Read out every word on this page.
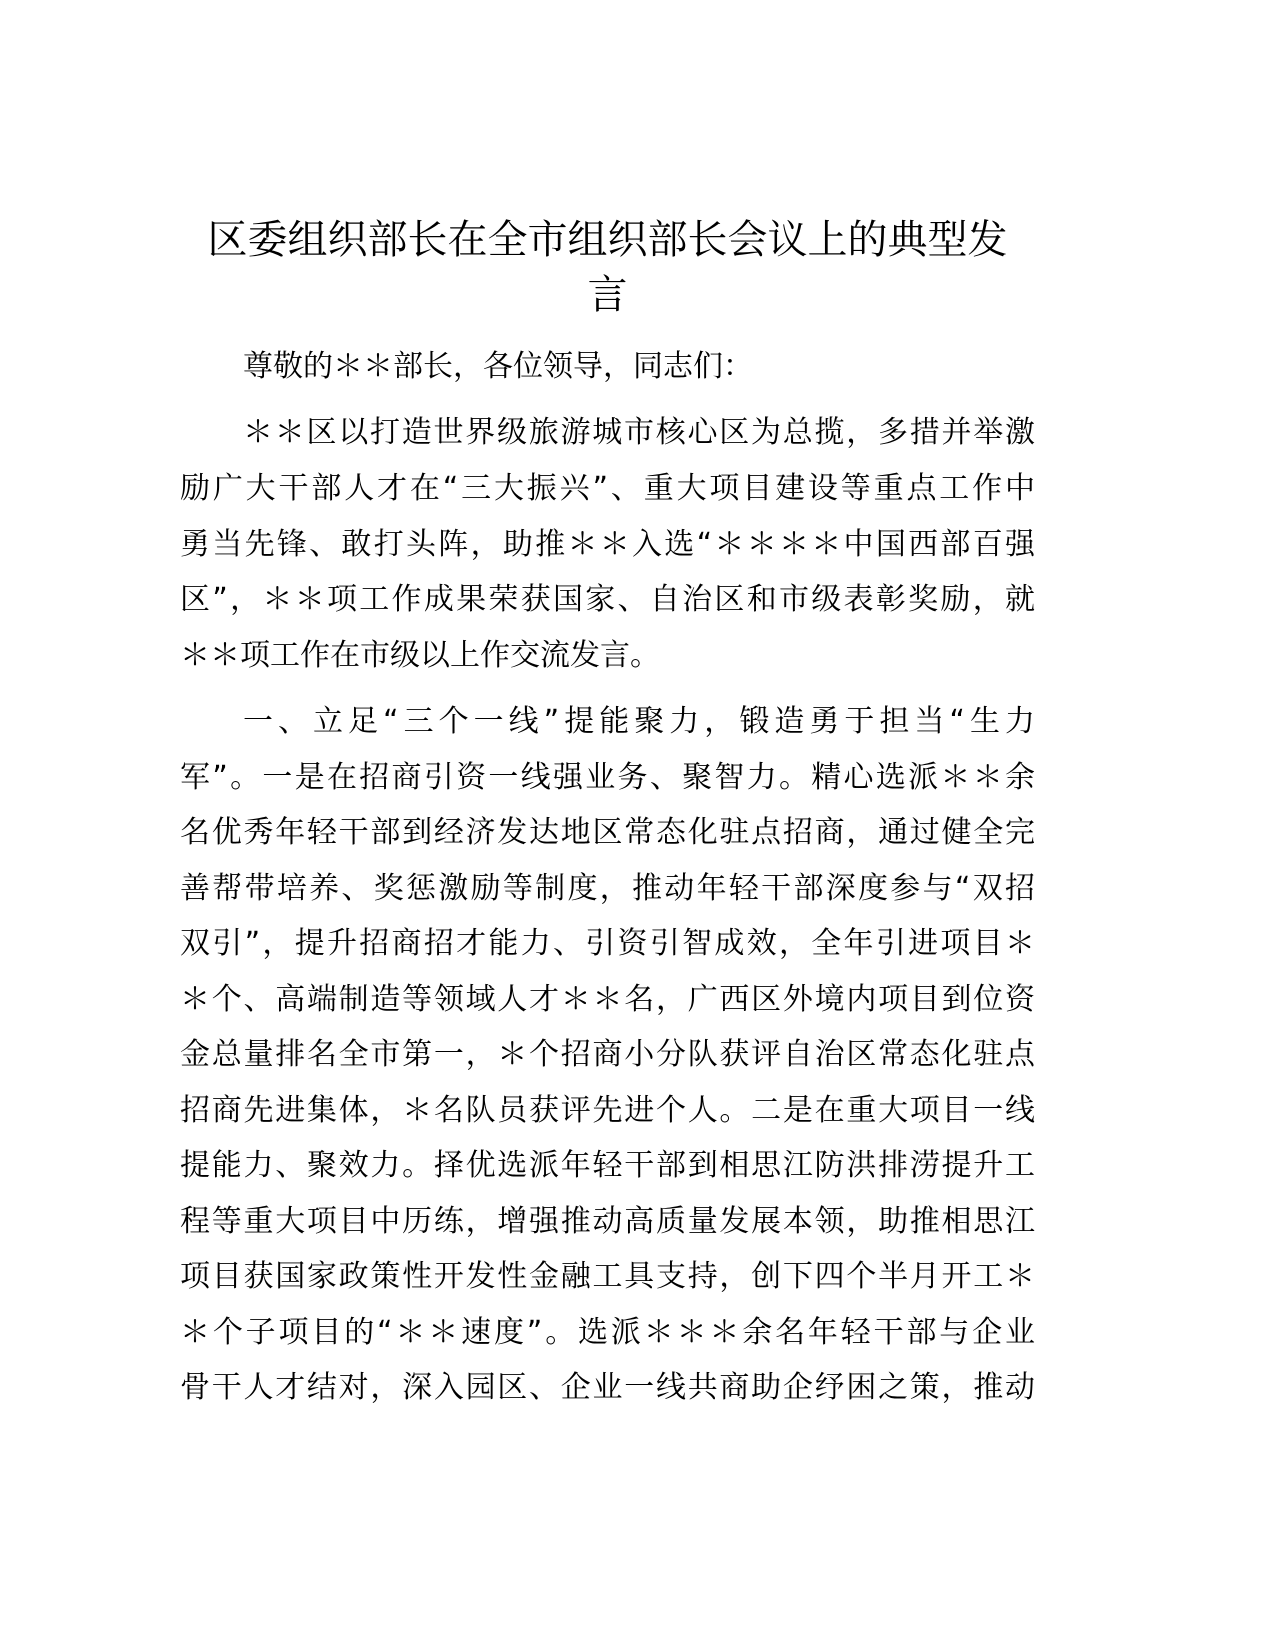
区委组织部长在全市组织部长会议上的典型发
言
尊敬的＊＊部长，各位领导，同志们：
＊＊区以打造世界级旅游城市核心区为总揽，多措并举激
励广大干部人才在“三大振兴”、重大项目建设等重点工作中
勇当先锋、敢打头阵，助推＊＊入选“＊＊＊＊中国西部百强
区”，＊＊项工作成果荣获国家、自治区和市级表彰奖励，就
＊＊项工作在市级以上作交流发言。
一、立足“三个一线”提能聚力，锻造勇于担当“生力
军”。一是在招商引资一线强业务、聚智力。精心选派＊＊余
名优秀年轻干部到经济发达地区常态化驻点招商，通过健全完
善帮带培养、奖惩激励等制度，推动年轻干部深度参与“双招
双引”，提升招商招才能力、引资引智成效，全年引进项目＊
＊个、高端制造等领域人才＊＊名，广西区外境内项目到位资
金总量排名全市第一，＊个招商小分队获评自治区常态化驻点
招商先进集体，＊名队员获评先进个人。二是在重大项目一线
提能力、聚效力。择优选派年轻干部到相思江防洪排涝提升工
程等重大项目中历练，增强推动高质量发展本领，助推相思江
项目获国家政策性开发性金融工具支持，创下四个半月开工＊
＊个子项目的“＊＊速度”。选派＊＊＊余名年轻干部与企业
骨干人才结对，深入园区、企业一线共商助企纾困之策，推动
